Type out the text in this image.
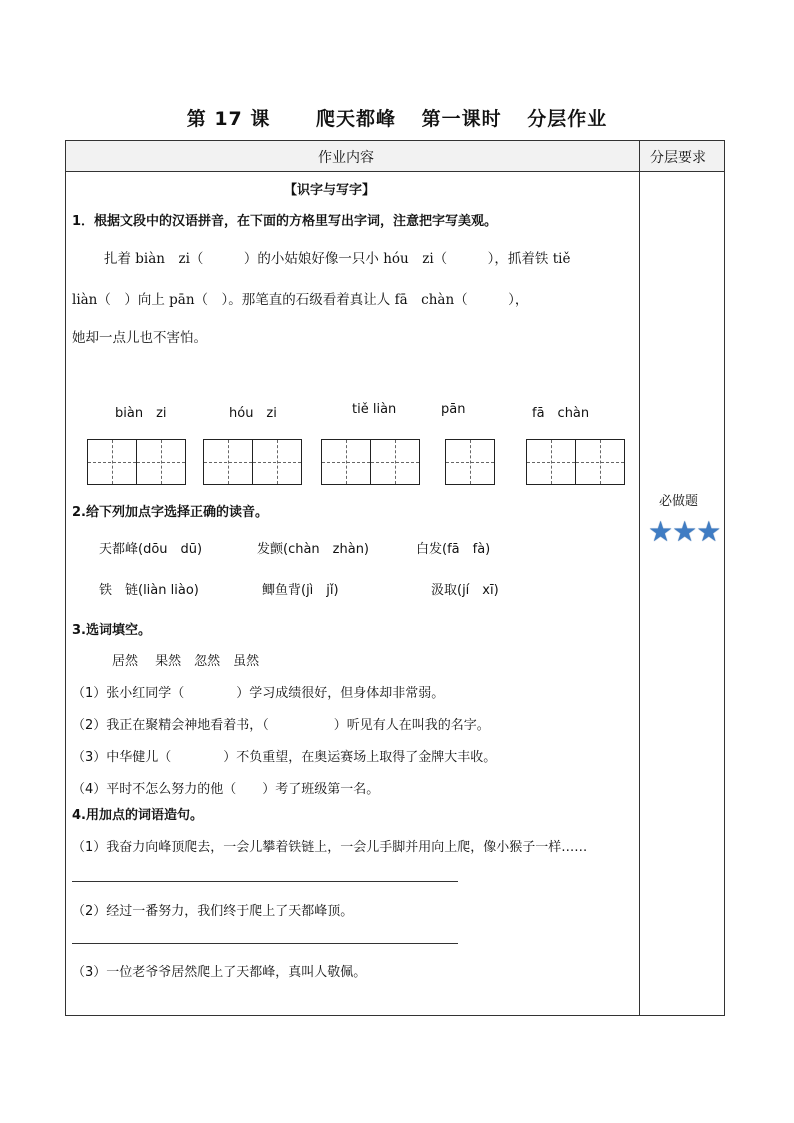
第 17 课 爬天都峰 第一课时 分层作业
作业内容	分层要求
【识字与写字】
1．根据文段中的汉语拼音，在下面的方格里写出字词，注意把字写美观。
扎着 biàn　zi（　　　）的小姑娘好像一只小 hóu　zi（　　　），抓着铁 tiě
liàn（　）向上 pān（　）。那笔直的石级看着真让人 fā　chàn（　　　），
她却一点儿也不害怕。
biàn　zi	hóu　zi	tiě liàn	pān	fā　chàn
2.给下列加点字选择正确的读音。
天都峰(dōu　dū)	发颤(chàn　zhàn)	白发(fā　fà)
铁　链(liàn liào)	鲫鱼背(jì　jǐ)	汲取(jí　xī)
3.选词填空。
居然　 果然　忽然　虽然
（1）张小红同学（　　　　）学习成绩很好，但身体却非常弱。
（2）我正在聚精会神地看着书，（　　　　　）听见有人在叫我的名字。
（3）中华健儿（　　　　）不负重望，在奥运赛场上取得了金牌大丰收。
（4）平时不怎么努力的他（　　）考了班级第一名。
4.用加点的词语造句。
（1）我奋力向峰顶爬去，一会儿攀着铁链上，一会儿手脚并用向上爬，像小猴子一样……
（2）经过一番努力，我们终于爬上了天都峰顶。
（3）一位老爷爷居然爬上了天都峰，真叫人敬佩。
必做题
★★★
